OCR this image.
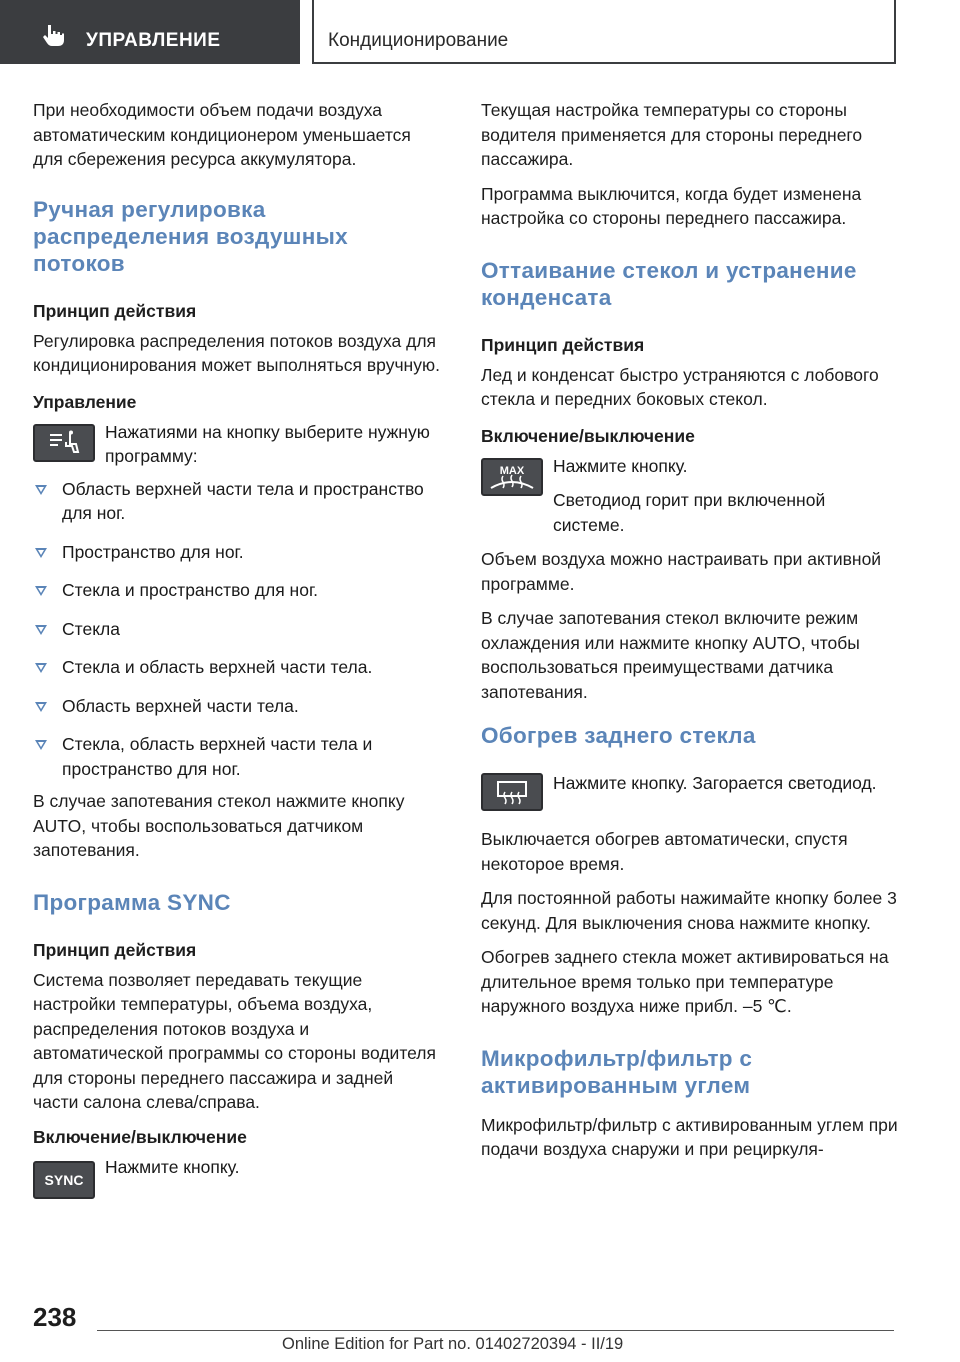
УПРАВЛЕНИЕ	Кондиционирование

При необходимости объем подачи воздуха автоматическим кондиционером уменьшается для сбережения ресурса аккумулятора.

Ручная регулировка распределения воздушных потоков
Принцип действия

Регулировка распределения потоков воздуха для кондиционирования может выполняться вручную.

Управление
Нажатиями на кнопку выберите нужную программу:
Область верхней части тела и пространство для ног.
Пространство для ног.
Стекла и пространство для ног.
Стекла
Стекла и область верхней части тела.
Область верхней части тела.
Стекла, область верхней части тела и пространство для ног.

В случае запотевания стекол нажмите кнопку AUTO, чтобы воспользоваться датчиком запотевания.

Программа SYNC
Принцип действия

Система позволяет передавать текущие настройки температуры, объема воздуха, распределения потоков воздуха и автоматической программы со стороны водителя для стороны переднего пассажира и задней части салона слева/справа.

Включение/выключение
SYNC
Нажмите кнопку.

Текущая настройка температуры со стороны водителя применяется для стороны переднего пассажира.

Программа выключится, когда будет изменена настройка со стороны переднего пассажира.

Оттаивание стекол и устранение конденсата
Принцип действия

Лед и конденсат быстро устраняются с лобового стекла и передних боковых стекол.

Включение/выключение
MAX Нажмите кнопку.

Светодиод горит при включенной системе.

Объем воздуха можно настраивать при активной программе.

В случае запотевания стекол включите режим охлаждения или нажмите кнопку AUTO, чтобы воспользоваться преимуществами датчика запотевания.

Обогрев заднего стекла
Нажмите кнопку. Загорается светодиод.

Выключается обогрев автоматически, спустя некоторое время.

Для постоянной работы нажимайте кнопку более 3 секунд. Для выключения снова нажмите кнопку.

Обогрев заднего стекла может активироваться на длительное время только при температуре наружного воздуха ниже прибл. –5 ℃.

Микрофильтр/фильтр с активированным углем

Микрофильтр/фильтр с активированным углем при подачи воздуха снаружи и при рециркуля-

238
Online Edition for Part no. 01402720394 - II/19
